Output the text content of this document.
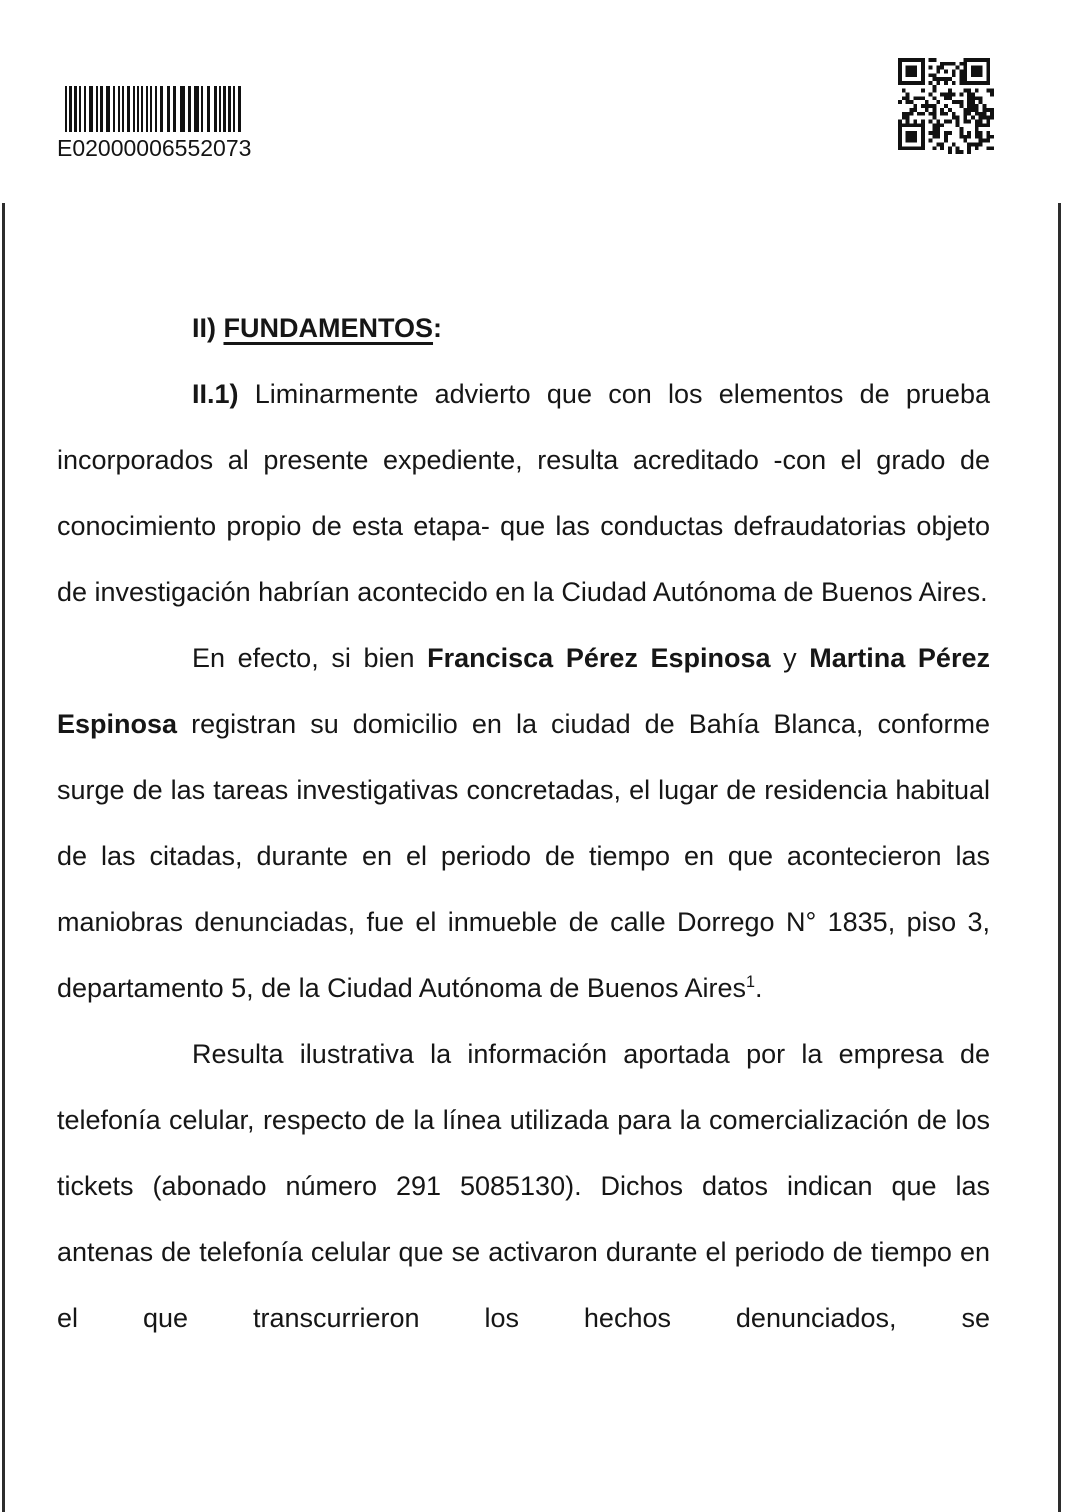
E02000006552073
II) FUNDAMENTOS:

II.1) Liminarmente advierto que con los elementos de prueba incorporados al presente expediente, resulta acreditado -con el grado de conocimiento propio de esta etapa- que las conductas defraudatorias objeto de investigación habrían acontecido en la Ciudad Autónoma de Buenos Aires.

En efecto, si bien Francisca Pérez Espinosa y Martina Pérez Espinosa registran su domicilio en la ciudad de Bahía Blanca, conforme surge de las tareas investigativas concretadas, el lugar de residencia habitual de las citadas, durante en el periodo de tiempo en que acontecieron las maniobras denunciadas, fue el inmueble de calle Dorrego N° 1835, piso 3, departamento 5, de la Ciudad Autónoma de Buenos Aires$^1$.

Resulta ilustrativa la información aportada por la empresa de telefonía celular, respecto de la línea utilizada para la comercialización de los tickets (abonado número 291 5085130). Dichos datos indican que las antenas de telefonía celular que se activaron durante el periodo de tiempo en el que transcurrieron los hechos denunciados, se
